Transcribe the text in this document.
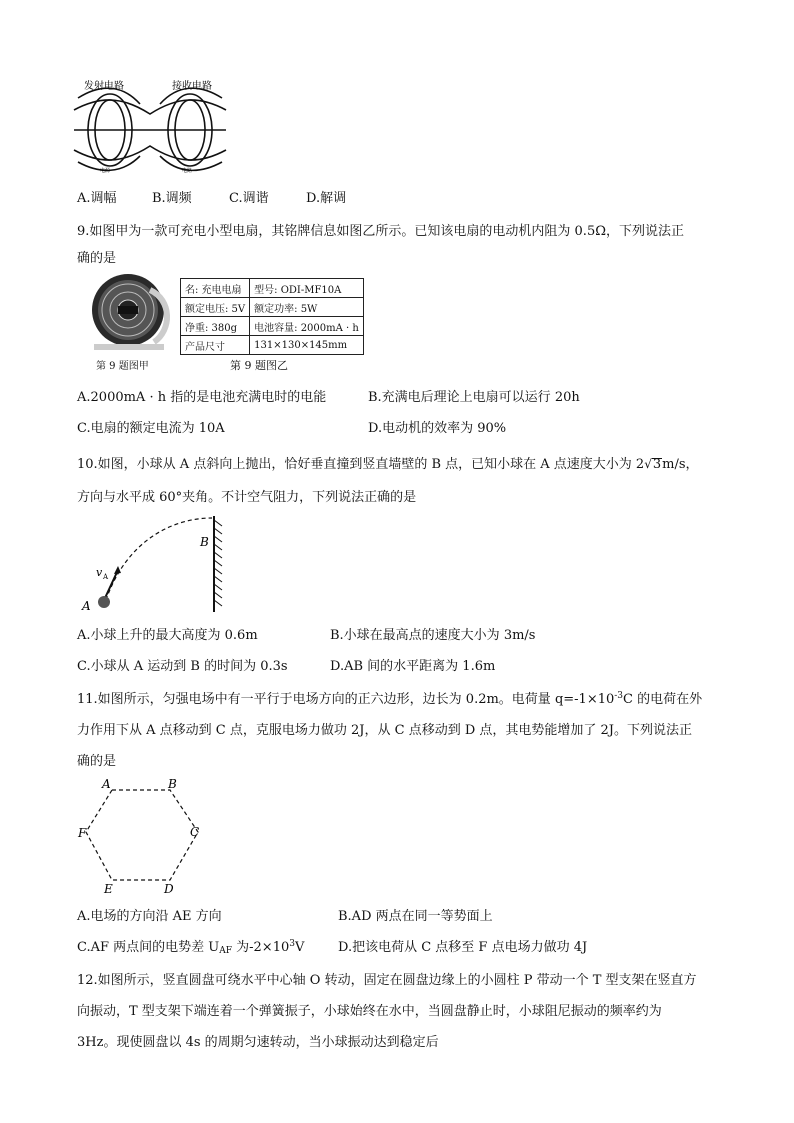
发射电路	接收电路
电源	电路
A.调幅	B.调频	C.调谐	D.解调
9.如图甲为一款可充电小型电扇，其铭牌信息如图乙所示。已知该电扇的电动机内阻为 0.5Ω，下列说法正
确的是
第 9 题图甲
名: 充电电扇	型号: ODI-MF10A
额定电压: 5V	额定功率: 5W
净重: 380g	电池容量: 2000mA · h
产品尺寸	131×130×145mm
第 9 题图乙
A.2000mA · h 指的是电池充满电时的电能	B.充满电后理论上电扇可以运行 20h
C.电扇的额定电流为 10A	D.电动机的效率为 90%
10.如图，小球从 A 点斜向上抛出，恰好垂直撞到竖直墙壁的 B 点，已知小球在 A 点速度大小为 2√3m/s，
方向与水平成 60°夹角。不计空气阻力，下列说法正确的是
B
A
v A
A.小球上升的最大高度为 0.6m	B.小球在最高点的速度大小为 3m/s
C.小球从 A 运动到 B 的时间为 0.3s	D.AB 间的水平距离为 1.6m
11.如图所示，匀强电场中有一平行于电场方向的正六边形，边长为 0.2m。电荷量 $q=-1\times 10^{-3}C$ 的电荷在外
力作用下从 A 点移动到 C 点，克服电场力做功 2J，从 C 点移动到 D 点，其电势能增加了 2J。下列说法正
确的是
A	B
C
D
E
F
A.电场的方向沿 AE 方向	B.AD 两点在同一等势面上
C.AF 两点间的电势差 $U_{AF}$ 为$-2\times 10^3V$	D.把该电荷从 C 点移至 F 点电场力做功 4J
12.如图所示，竖直圆盘可绕水平中心轴 O 转动，固定在圆盘边缘上的小圆柱 P 带动一个 T 型支架在竖直方
向振动，T 型支架下端连着一个弹簧振子，小球始终在水中，当圆盘静止时，小球阻尼振动的频率约为
3Hz。现使圆盘以 4s 的周期匀速转动，当小球振动达到稳定后
